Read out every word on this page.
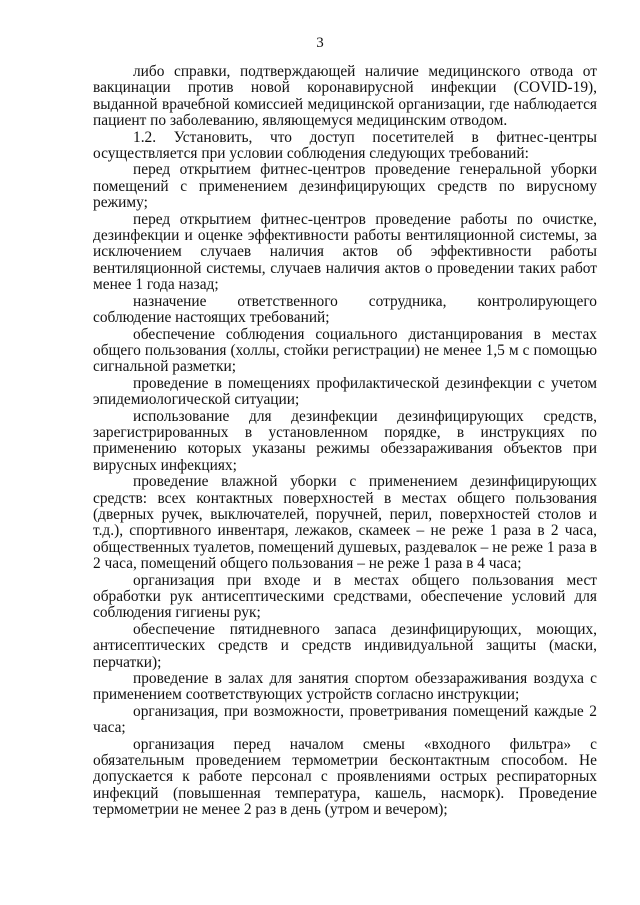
3

либо справки, подтверждающей наличие медицинского отвода от вакцинации против новой коронавирусной инфекции (COVID-19), выданной врачебной комиссией медицинской организации, где наблюдается пациент по заболеванию, являющемуся медицинским отводом.

1.2. Установить, что доступ посетителей в фитнес-центры осуществляется при условии соблюдения следующих требований:

перед открытием фитнес-центров проведение генеральной уборки помещений с применением дезинфицирующих средств по вирусному режиму;

перед открытием фитнес-центров проведение работы по очистке, дезинфекции и оценке эффективности работы вентиляционной системы, за исключением случаев наличия актов об эффективности работы вентиляционной системы, случаев наличия актов о проведении таких работ менее 1 года назад;

назначение ответственного сотрудника, контролирующего соблюдение настоящих требований;

обеспечение соблюдения социального дистанцирования в местах общего пользования (холлы, стойки регистрации) не менее 1,5 м с помощью сигнальной разметки;

проведение в помещениях профилактической дезинфекции с учетом эпидемиологической ситуации;

использование для дезинфекции дезинфицирующих средств, зарегистрированных в установленном порядке, в инструкциях по применению которых указаны режимы обеззараживания объектов при вирусных инфекциях;

проведение влажной уборки с применением дезинфицирующих средств: всех контактных поверхностей в местах общего пользования (дверных ручек, выключателей, поручней, перил, поверхностей столов и т.д.), спортивного инвентаря, лежаков, скамеек – не реже 1 раза в 2 часа, общественных туалетов, помещений душевых, раздевалок – не реже 1 раза в 2 часа, помещений общего пользования – не реже 1 раза в 4 часа;

организация при входе и в местах общего пользования мест обработки рук антисептическими средствами, обеспечение условий для соблюдения гигиены рук;

обеспечение пятидневного запаса дезинфицирующих, моющих, антисептических средств и средств индивидуальной защиты (маски, перчатки);

проведение в залах для занятия спортом обеззараживания воздуха с применением соответствующих устройств согласно инструкции;

организация, при возможности, проветривания помещений каждые 2 часа;

организация перед началом смены «входного фильтра» с обязательным проведением термометрии бесконтактным способом. Не допускается к работе персонал с проявлениями острых респираторных инфекций (повышенная температура, кашель, насморк). Проведение термометрии не менее 2 раз в день (утром и вечером);
